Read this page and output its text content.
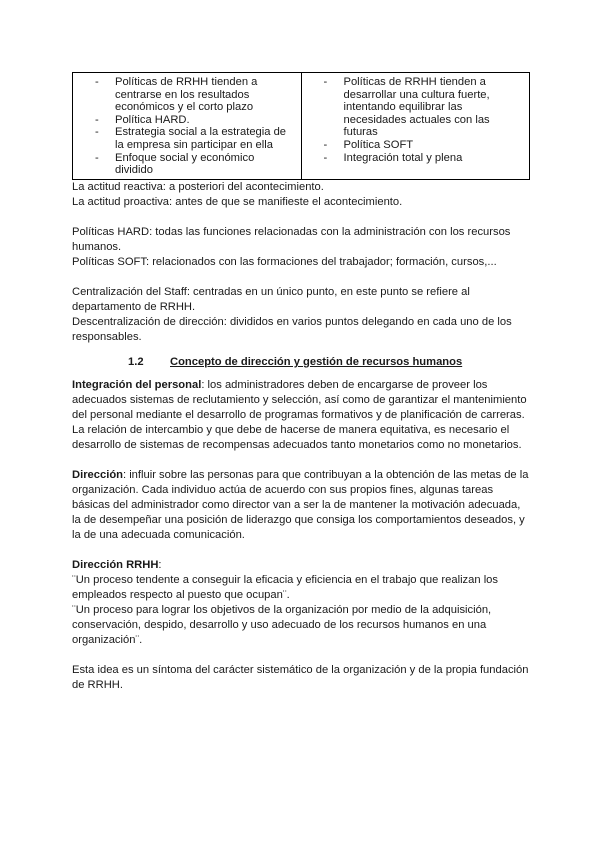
- Políticas de RRHH tienden a centrarse en los resultados económicos y el corto plazo
- Política HARD.
- Estrategia social a la estrategia de la empresa sin participar en ella
- Enfoque social y económico dividido

- Políticas de RRHH tienden a desarrollar una cultura fuerte, intentando equilibrar las necesidades actuales con las futuras
- Política SOFT
- Integración total y plena

La actitud reactiva: a posteriori del acontecimiento.

La actitud proactiva: antes de que se manifieste el acontecimiento.

Políticas HARD: todas las funciones relacionadas con la administración con los recursos humanos.

Políticas SOFT: relacionados con las formaciones del trabajador; formación, cursos,...

Centralización del Staff: centradas en un único punto, en este punto se refiere al departamento de RRHH.

Descentralización de dirección: divididos en varios puntos delegando en cada uno de los responsables.

1.2 Concepto de dirección y gestión de recursos humanos

Integración del personal: los administradores deben de encargarse de proveer los adecuados sistemas de reclutamiento y selección, así como de garantizar el mantenimiento del personal mediante el desarrollo de programas formativos y de planificación de carreras. La relación de intercambio y que debe de hacerse de manera equitativa, es necesario el desarrollo de sistemas de recompensas adecuados tanto monetarios como no monetarios.

Dirección: influir sobre las personas para que contribuyan a la obtención de las metas de la organización. Cada individuo actúa de acuerdo con sus propios fines, algunas tareas básicas del administrador como director van a ser la de mantener la motivación adecuada, la de desempeñar una posición de liderazgo que consiga los comportamientos deseados, y la de una adecuada comunicación.

Dirección RRHH:

¨Un proceso tendente a conseguir la eficacia y eficiencia en el trabajo que realizan los empleados respecto al puesto que ocupan¨.

¨Un proceso para lograr los objetivos de la organización por medio de la adquisición, conservación, despido, desarrollo y uso adecuado de los recursos humanos en una organización¨.

Esta idea es un síntoma del carácter sistemático de la organización y de la propia fundación de RRHH.
